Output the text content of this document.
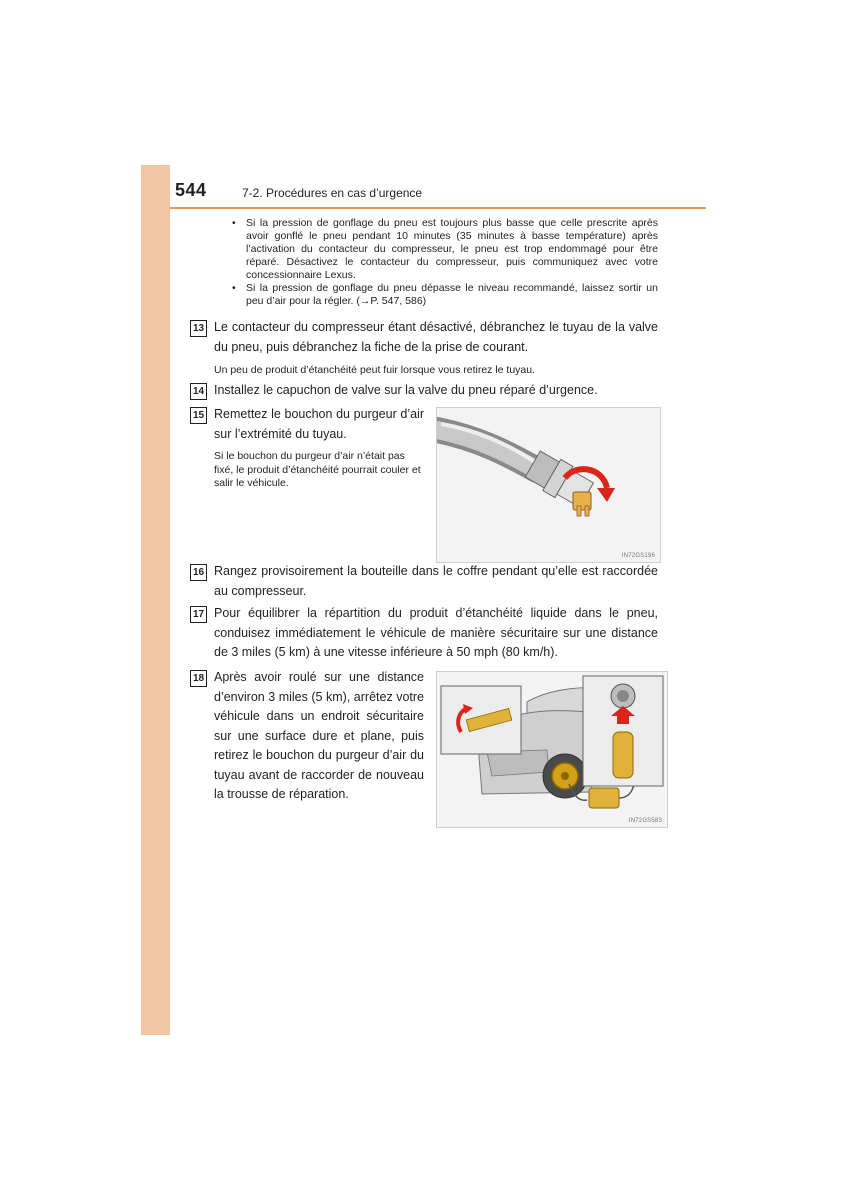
544	7-2. Procédures en cas d’urgence
• Si la pression de gonflage du pneu est toujours plus basse que celle prescrite après avoir gonflé le pneu pendant 10 minutes (35 minutes à basse température) après l’activation du contacteur du compresseur, le pneu est trop endommagé pour être réparé. Désactivez le contacteur du compresseur, puis communiquez avec votre concessionnaire Lexus.
• Si la pression de gonflage du pneu dépasse le niveau recommandé, laissez sortir un peu d’air pour la régler. (→P. 547, 586)
13 Le contacteur du compresseur étant désactivé, débranchez le tuyau de la valve du pneu, puis débranchez la fiche de la prise de courant.
Un peu de produit d’étanchéité peut fuir lorsque vous retirez le tuyau.
14 Installez le capuchon de valve sur la valve du pneu réparé d’urgence.
15 Remettez le bouchon du purgeur d’air sur l’extrémité du tuyau.
Si le bouchon du purgeur d’air n’était pas fixé, le produit d’étanchéité pourrait couler et salir le véhicule.
IN72GS196
16 Rangez provisoirement la bouteille dans le coffre pendant qu’elle est raccordée au compresseur.
17 Pour équilibrer la répartition du produit d’étanchéité liquide dans le pneu, conduisez immédiatement le véhicule de manière sécuritaire sur une distance de 3 miles (5 km) à une vitesse inférieure à 50 mph (80 km/h).
18 Après avoir roulé sur une distance d’environ 3 miles (5 km), arrêtez votre véhicule dans un endroit sécuritaire sur une surface dure et plane, puis retirez le bouchon du purgeur d’air du tuyau avant de raccorder de nouveau la trousse de réparation.
IN72GS583
